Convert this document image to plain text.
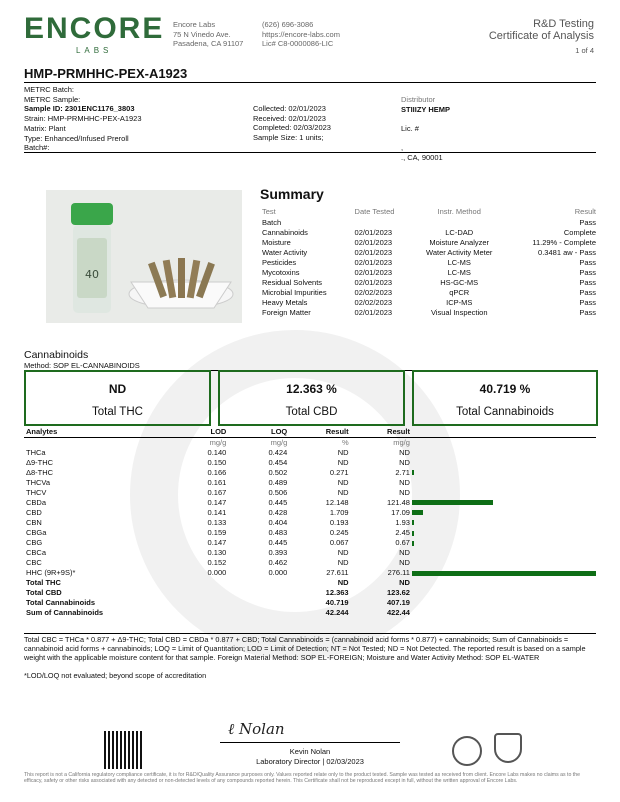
ENCORE
LABS
Encore Labs
75 N Vinedo Ave.
Pasadena, CA 91107
(626) 696-3086
https://encore-labs.com
Lic# C8-0000086-LIC
R&D Testing
Certificate of Analysis
1 of 4
HMP-PRMHHC-PEX-A1923
METRC Batch:
METRC Sample:
Sample ID: 2301ENC1176_3803
Strain: HMP-PRMHHC-PEX-A1923
Matrix: Plant
Type: Enhanced/Infused Preroll
Batch#:
Collected: 02/01/2023
Received: 02/01/2023
Completed: 02/03/2023
Sample Size: 1 units;
Distributor
STIIIZY HEMP
Lic. #
,
., CA, 90001
40
Summary
Test	Date Tested	Instr. Method	Result
Batch			Pass
Cannabinoids	02/01/2023	LC-DAD	Complete
Moisture	02/01/2023	Moisture Analyzer	11.29% - Complete
Water Activity	02/01/2023	Water Activity Meter	0.3481 aw - Pass
Pesticides	02/01/2023	LC-MS	Pass
Mycotoxins	02/01/2023	LC-MS	Pass
Residual Solvents	02/01/2023	HS-GC-MS	Pass
Microbial Impurities	02/02/2023	qPCR	Pass
Heavy Metals	02/02/2023	ICP-MS	Pass
Foreign Matter	02/01/2023	Visual Inspection	Pass
Cannabinoids
Method: SOP EL-CANNABINOIDS
ND
Total THC
12.363 %
Total CBD
40.719 %
Total Cannabinoids
Analytes	LOD	LOQ	Result	Result	
	mg/g	mg/g	%	mg/g	
THCa	0.140	0.424	ND	ND	
Δ9-THC	0.150	0.454	ND	ND	
Δ8-THC	0.166	0.502	0.271	2.71	
THCVa	0.161	0.489	ND	ND	
THCV	0.167	0.506	ND	ND	
CBDa	0.147	0.445	12.148	121.48	
CBD	0.141	0.428	1.709	17.09	
CBN	0.133	0.404	0.193	1.93	
CBGa	0.159	0.483	0.245	2.45	
CBG	0.147	0.445	0.067	0.67	
CBCa	0.130	0.393	ND	ND	
CBC	0.152	0.462	ND	ND	
HHC (9R+9S)*	0.000	0.000	27.611	276.11	
Total THC			ND	ND	
Total CBD			12.363	123.62	
Total Cannabinoids			40.719	407.19	
Sum of Cannabinoids			42.244	422.44	
Total CBC = THCa * 0.877 + Δ9-THC; Total CBD = CBDa * 0.877 + CBD; Total Cannabinoids = (cannabinoid acid forms * 0.877) + cannabinoids; Sum of Cannabinoids = cannabinoid acid forms + cannabinoids; LOQ = Limit of Quantitation; LOD = Limit of Detection; NT = Not Tested; ND = Not Detected. The reported result is based on a sample weight with the applicable moisture content for that sample. Foreign Material Method: SOP EL-FOREIGN; Moisture and Water Activity Method: SOP EL-WATER
*LOD/LOQ not evaluated; beyond scope of accreditation
ℓ Nolan
Kevin Nolan
Laboratory Director | 02/03/2023
This report is not a California regulatory compliance certificate, it is for R&D/Quality Assurance purposes only. Values reported relate only to the product tested. Sample was tested as received from client. Encore Labs makes no claims as to the efficacy, safety or other risks associated with any detected or non-detected levels of any compounds reported herein. This Certificate shall not be reproduced except in full, without the written approval of Encore Labs.
